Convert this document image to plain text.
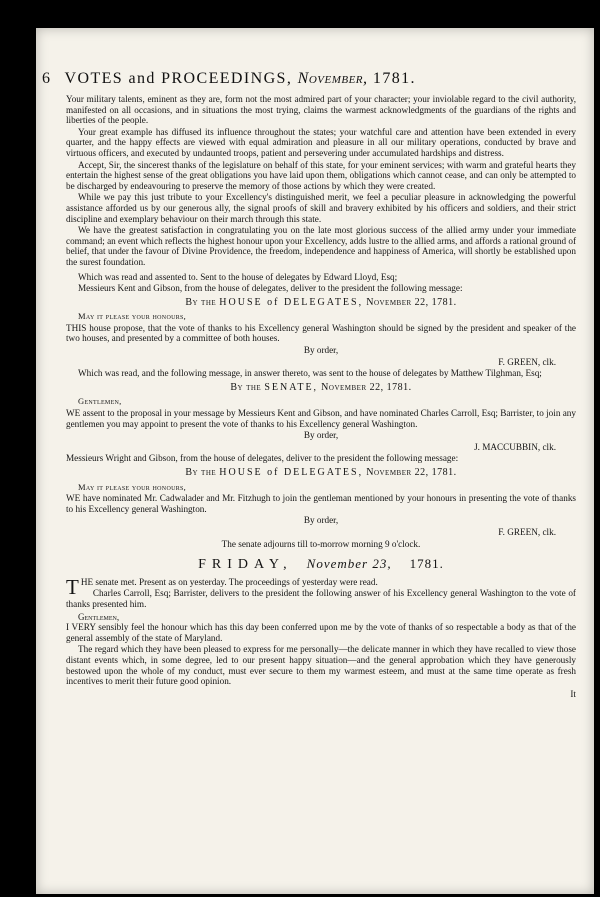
6 VOTES and PROCEEDINGS, November, 1781.

Your military talents, eminent as they are, form not the most admired part of your character; your inviolable regard to the civil authority, manifested on all occasions, and in situations the most trying, claims the warmest acknowledgments of the guardians of the rights and liberties of the people.

Your great example has diffused its influence throughout the states; your watchful care and attention have been extended in every quarter, and the happy effects are viewed with equal admiration and pleasure in all our military operations, conducted by brave and virtuous officers, and executed by undaunted troops, patient and persevering under accumulated hardships and distress.

Accept, Sir, the sincerest thanks of the legislature on behalf of this state, for your eminent services; with warm and grateful hearts they entertain the highest sense of the great obligations you have laid upon them, obligations which cannot cease, and can only be attempted to be discharged by endeavouring to preserve the memory of those actions by which they were created.

While we pay this just tribute to your Excellency's distinguished merit, we feel a peculiar pleasure in acknowledging the powerful assistance afforded us by our generous ally, the signal proofs of skill and bravery exhibited by his officers and soldiers, and their strict discipline and exemplary behaviour on their march through this state.

We have the greatest satisfaction in congratulating you on the late most glorious success of the allied army under your immediate command; an event which reflects the highest honour upon your Excellency, adds lustre to the allied arms, and affords a rational ground of belief, that under the favour of Divine Providence, the freedom, independence and happiness of America, will shortly be established upon the surest foundation.

Which was read and assented to. Sent to the house of delegates by Edward Lloyd, Esq;

Messieurs Kent and Gibson, from the house of delegates, deliver to the president the following message:

By the HOUSE of DELEGATES, November 22, 1781.

May it please your honours,

THIS house propose, that the vote of thanks to his Excellency general Washington should be signed by the president and speaker of the two houses, and presented by a committee of both houses.

By order,

F. GREEN, clk.

Which was read, and the following message, in answer thereto, was sent to the house of delegates by Matthew Tilghman, Esq;

By the SENATE, November 22, 1781.

Gentlemen,

WE assent to the proposal in your message by Messieurs Kent and Gibson, and have nominated Charles Carroll, Esq; Barrister, to join any gentlemen you may appoint to present the vote of thanks to his Excellency general Washington.

By order,

J. MACCUBBIN, clk.

Messieurs Wright and Gibson, from the house of delegates, deliver to the president the following message:

By the HOUSE of DELEGATES, November 22, 1781.

May it please your honours,

WE have nominated Mr. Cadwalader and Mr. Fitzhugh to join the gentleman mentioned by your honours in presenting the vote of thanks to his Excellency general Washington.

By order,

F. GREEN, clk.

The senate adjourns till to-morrow morning 9 o'clock.

FRIDAY, November 23, 1781.

THE senate met. Present as on yesterday. The proceedings of yesterday were read.

Charles Carroll, Esq; Barrister, delivers to the president the following answer of his Excellency general Washington to the vote of thanks presented him.

Gentlemen,

I VERY sensibly feel the honour which has this day been conferred upon me by the vote of thanks of so respectable a body as that of the general assembly of the state of Maryland.

The regard which they have been pleased to express for me personally—the delicate manner in which they have recalled to view those distant events which, in some degree, led to our present happy situation—and the general approbation which they have generously bestowed upon the whole of my conduct, must ever secure to them my warmest esteem, and must at the same time operate as fresh incentives to merit their future good opinion.

It
